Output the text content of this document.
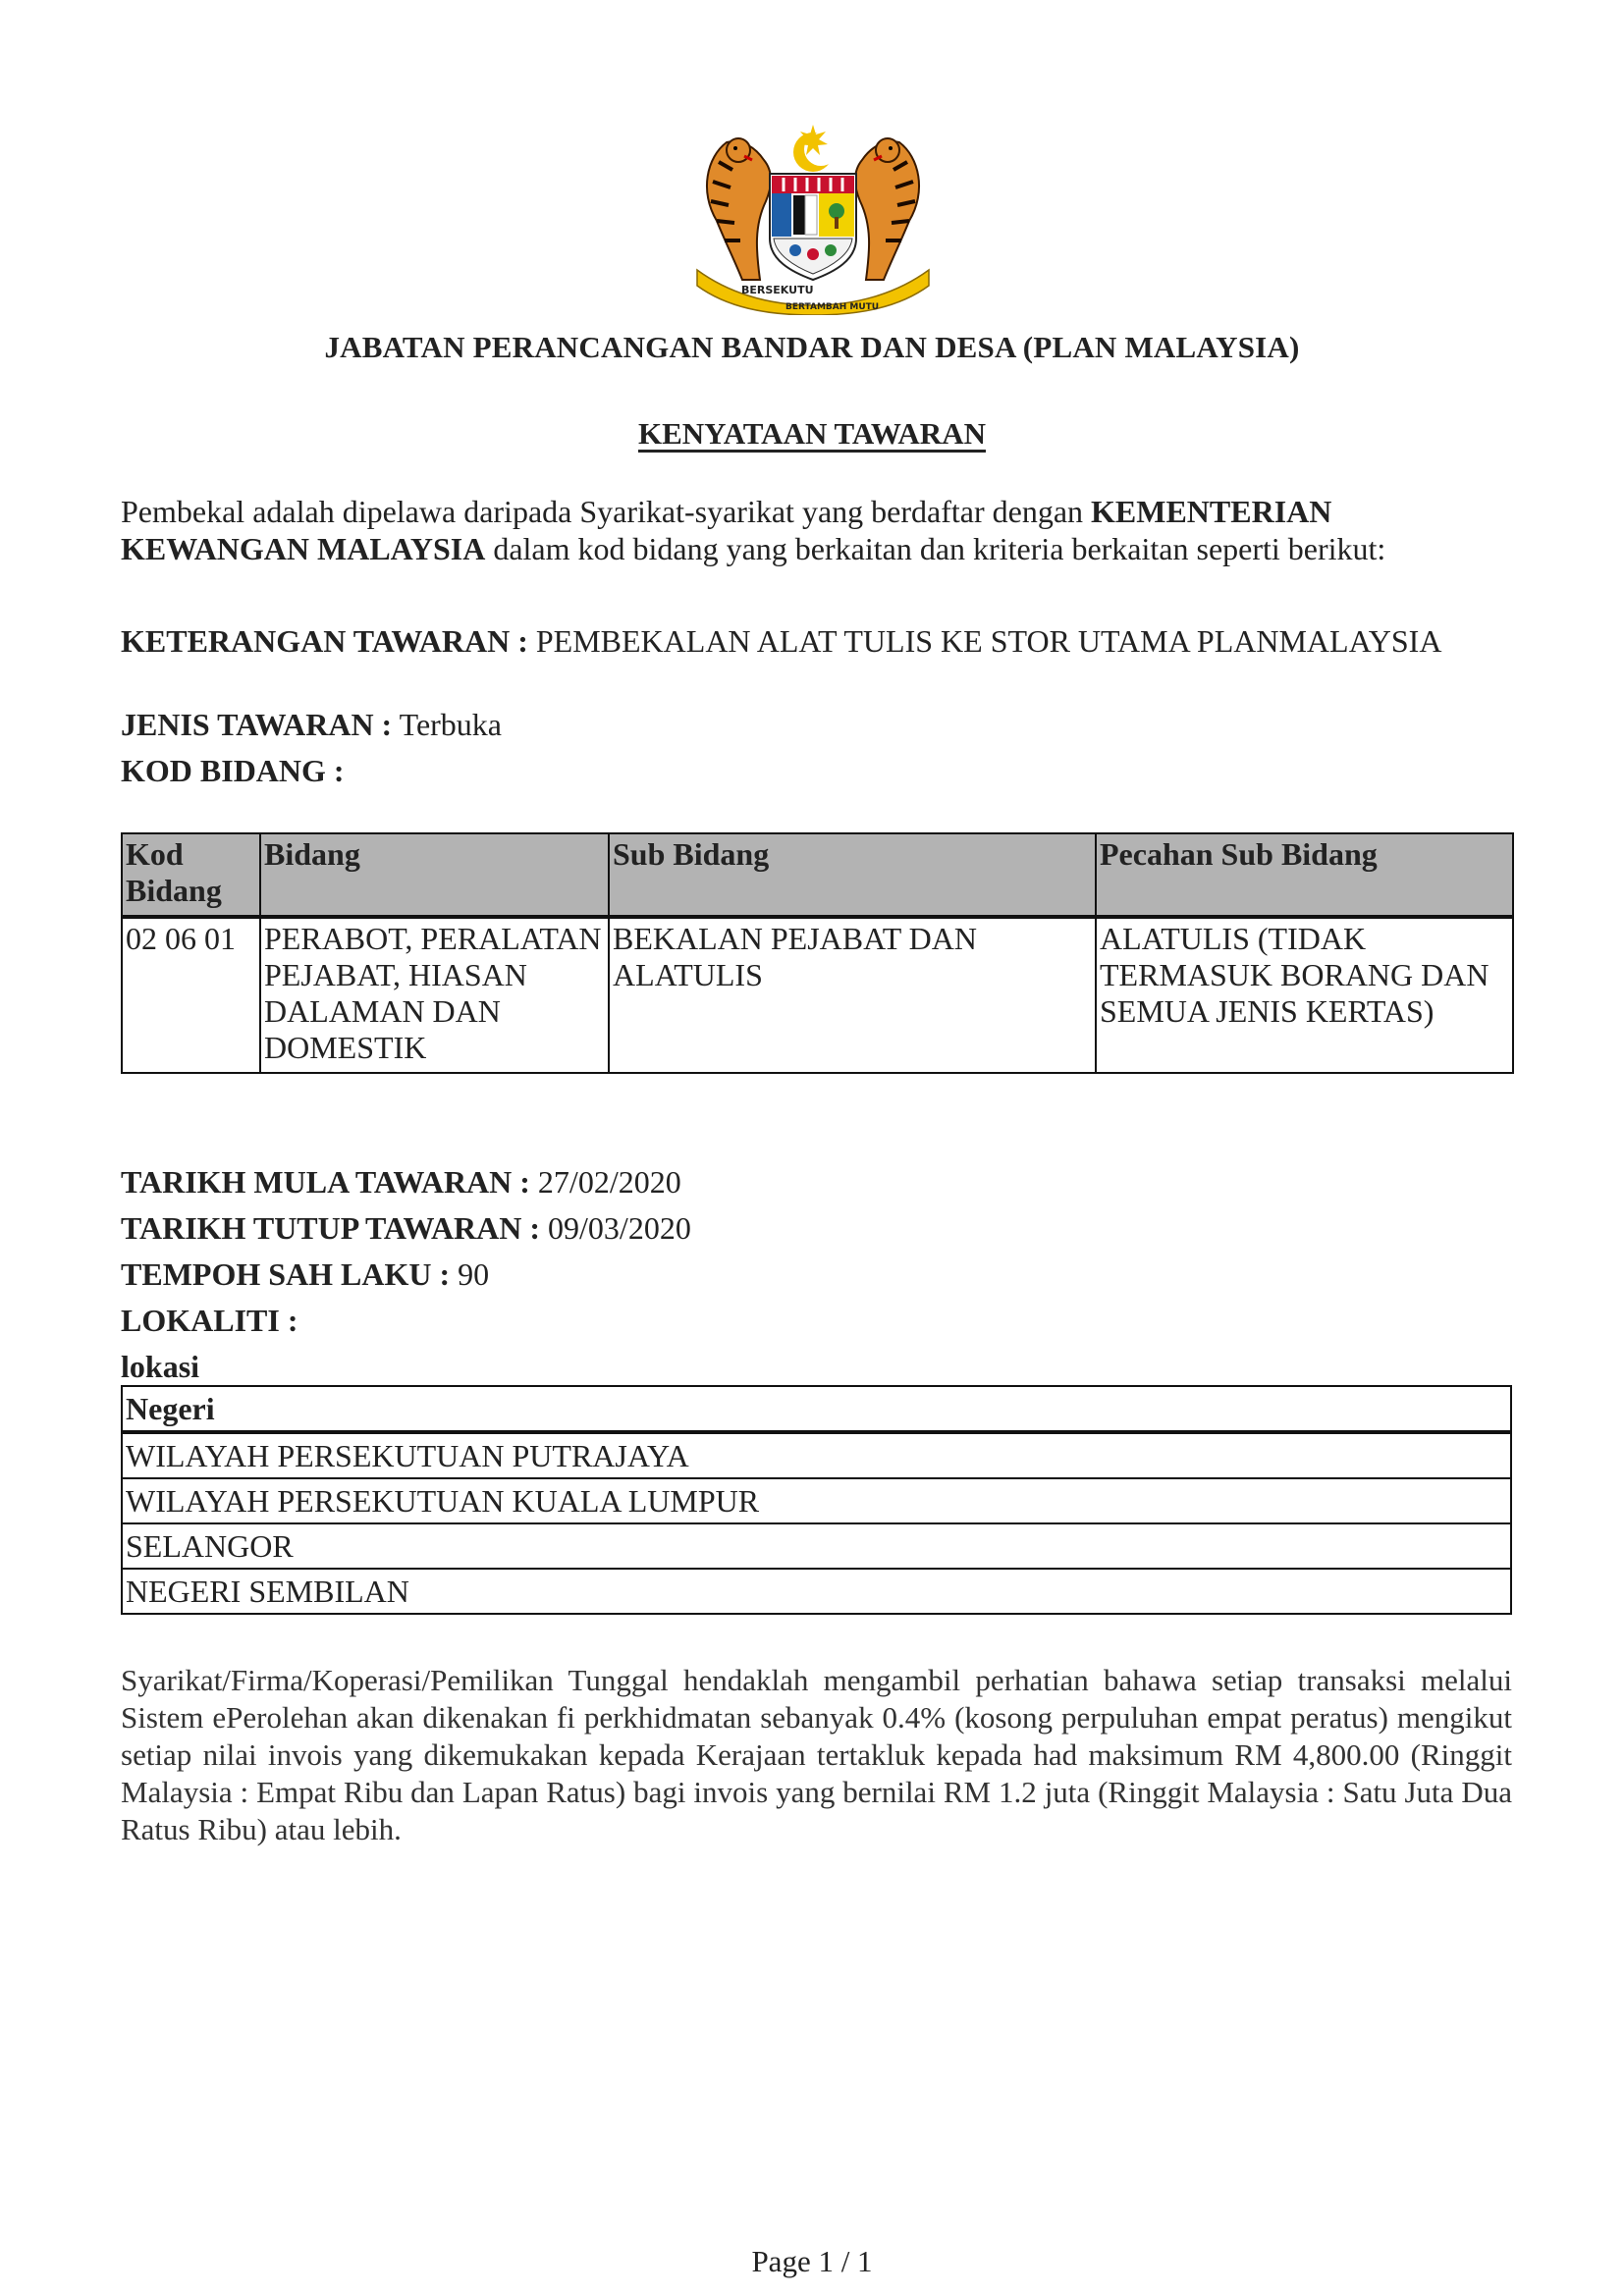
BERSEKUTU
BERTAMBAH MUTU
JABATAN PERANCANGAN BANDAR DAN DESA (PLAN MALAYSIA)
KENYATAAN TAWARAN
Pembekal adalah dipelawa daripada Syarikat-syarikat yang berdaftar dengan KEMENTERIAN KEWANGAN MALAYSIA dalam kod bidang yang berkaitan dan kriteria berkaitan seperti berikut:
KETERANGAN TAWARAN : PEMBEKALAN ALAT TULIS KE STOR UTAMA PLANMALAYSIA
JENIS TAWARAN : Terbuka
KOD BIDANG :
Kod Bidang	Bidang	Sub Bidang	Pecahan Sub Bidang
02 06 01	PERABOT, PERALATAN PEJABAT, HIASAN DALAMAN DAN DOMESTIK	BEKALAN PEJABAT DAN ALATULIS	ALATULIS (TIDAK TERMASUK BORANG DAN SEMUA JENIS KERTAS)
TARIKH MULA TAWARAN : 27/02/2020
TARIKH TUTUP TAWARAN : 09/03/2020
TEMPOH SAH LAKU : 90
LOKALITI :
lokasi
Negeri
WILAYAH PERSEKUTUAN PUTRAJAYA
WILAYAH PERSEKUTUAN KUALA LUMPUR
SELANGOR
NEGERI SEMBILAN
Syarikat/Firma/Koperasi/Pemilikan Tunggal hendaklah mengambil perhatian bahawa setiap transaksi melalui Sistem ePerolehan akan dikenakan fi perkhidmatan sebanyak 0.4% (kosong perpuluhan empat peratus) mengikut setiap nilai invois yang dikemukakan kepada Kerajaan tertakluk kepada had maksimum RM 4,800.00 (Ringgit Malaysia : Empat Ribu dan Lapan Ratus) bagi invois yang bernilai RM 1.2 juta (Ringgit Malaysia : Satu Juta Dua Ratus Ribu) atau lebih.
Page 1 / 1
